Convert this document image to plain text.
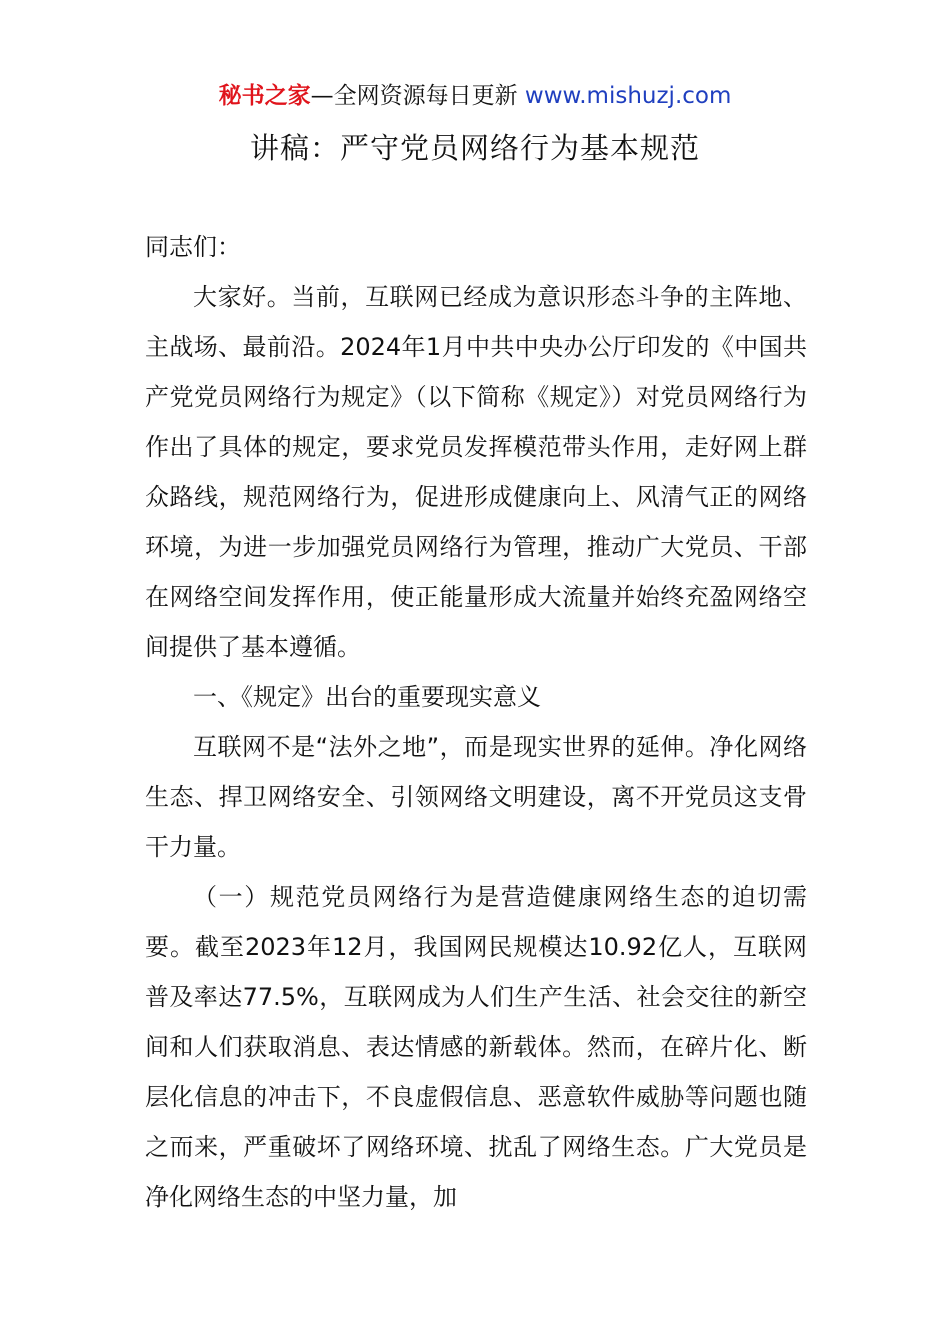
秘书之家—全网资源每日更新 www.mishuzj.com
讲稿：严守党员网络行为基本规范

同志们：

大家好。当前，互联网已经成为意识形态斗争的主阵地、主战场、最前沿。2024年1月中共中央办公厅印发的《中国共产党党员网络行为规定》（以下简称《规定》）对党员网络行为作出了具体的规定，要求党员发挥模范带头作用，走好网上群众路线，规范网络行为，促进形成健康向上、风清气正的网络环境，为进一步加强党员网络行为管理，推动广大党员、干部在网络空间发挥作用，使正能量形成大流量并始终充盈网络空间提供了基本遵循。

一、《规定》出台的重要现实意义

互联网不是“法外之地”，而是现实世界的延伸。净化网络生态、捍卫网络安全、引领网络文明建设，离不开党员这支骨干力量。

（一）规范党员网络行为是营造健康网络生态的迫切需要。截至2023年12月，我国网民规模达10.92亿人，互联网普及率达77.5%，互联网成为人们生产生活、社会交往的新空间和人们获取消息、表达情感的新载体。然而，在碎片化、断层化信息的冲击下，不良虚假信息、恶意软件威胁等问题也随之而来，严重破坏了网络环境、扰乱了网络生态。广大党员是净化网络生态的中坚力量，加
